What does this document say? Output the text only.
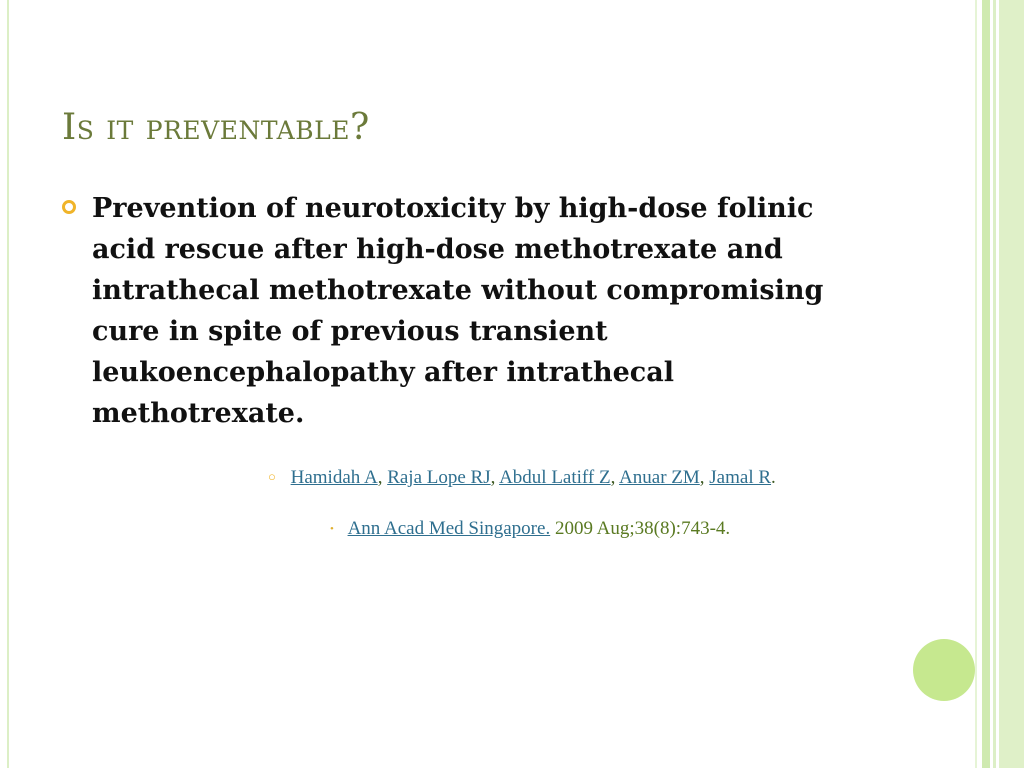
Is it preventable?

Prevention of neurotoxicity by high-dose folinic acid rescue after high-dose methotrexate and intrathecal methotrexate without compromising cure in spite of previous transient leukoencephalopathy after intrathecal methotrexate.

○ Hamidah A, Raja Lope RJ, Abdul Latiff Z, Anuar ZM, Jamal R.
• Ann Acad Med Singapore. 2009 Aug;38(8):743-4.
